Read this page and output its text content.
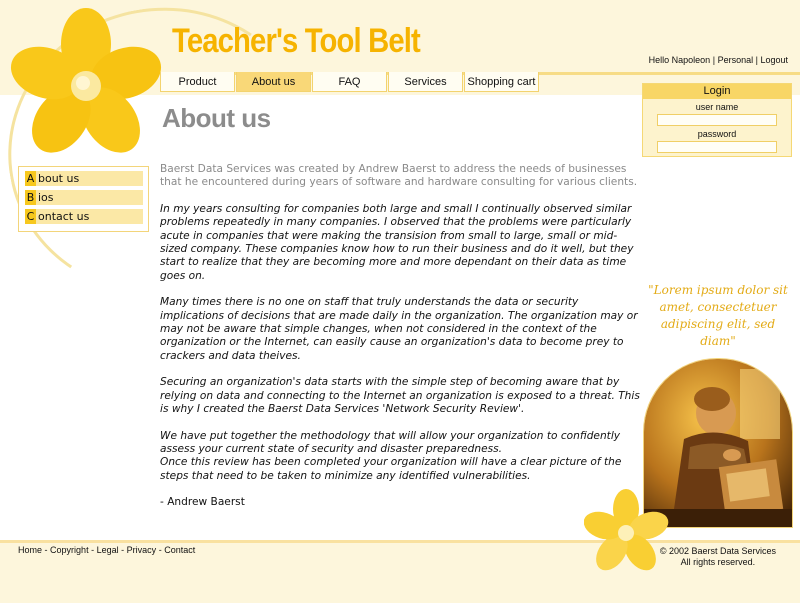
Teacher's Tool Belt	Hello Napoleon | Personal | Logout
Product	About us	FAQ	Services	Shopping cart
Login
user name
password
About us
A bout us
B ios
C ontact us

Baerst Data Services was created by Andrew Baerst to address the needs of businesses that he encountered during years of software and hardware consulting for various clients.

In my years consulting for companies both large and small I continually observed similar problems repeatedly in many companies. I observed that the problems were particularly acute in companies that were making the transision from small to large, small or mid-sized company. These companies know how to run their business and do it well, but they start to realize that they are becoming more and more dependant on their data as time goes on.

Many times there is no one on staff that truly understands the data or security implications of decisions that are made daily in the organization. The organization may or may not be aware that simple changes, when not considered in the context of the organization or the Internet, can easily cause an organization's data to become prey to crackers and data theives.

Securing an organization's data starts with the simple step of becoming aware that by relying on data and connecting to the Internet an organization is exposed to a threat. This is why I created the Baerst Data Services 'Network Security Review'.

We have put together the methodology that will allow your organization to confidently assess your current state of security and disaster preparedness.
Once this review has been completed your organization will have a clear picture of the steps that need to be taken to minimize any identified vulnerabilities.

- Andrew Baerst

"Lorem ipsum dolor sit amet, consectetuer adipiscing elit, sed diam"
Home - Copyright - Legal - Privacy - Contact	© 2002 Baerst Data Services
All rights reserved.
